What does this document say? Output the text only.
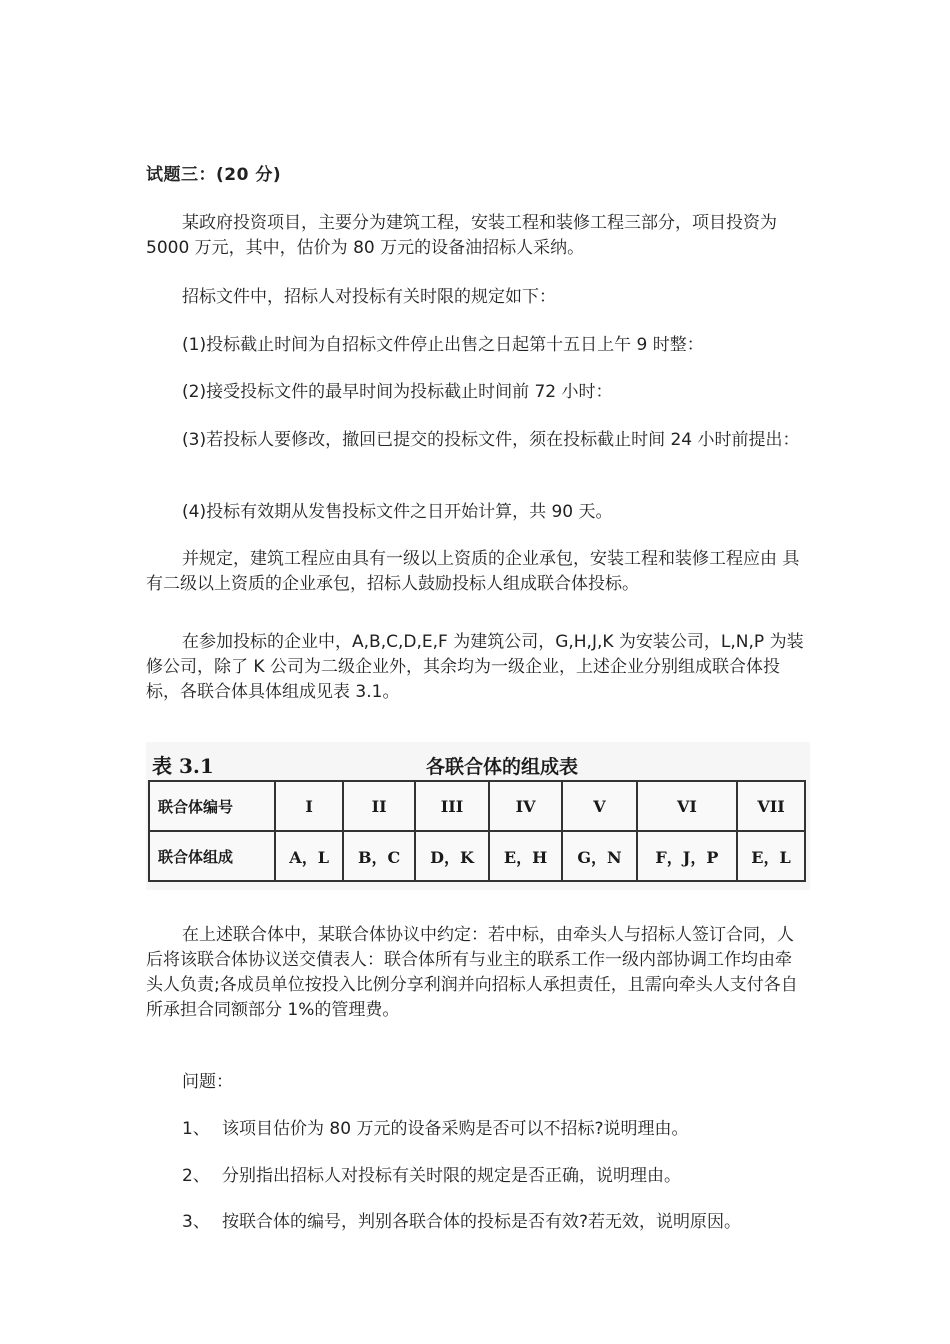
试题三：(20 分)
某政府投资项目，主要分为建筑工程，安装工程和装修工程三部分，项目投资为 5000 万元，其中，估价为 80 万元的设备油招标人采纳。
招标文件中，招标人对投标有关时限的规定如下：
(1)投标截止时间为自招标文件停止出售之日起第十五日上午 9 时整：
(2)接受投标文件的最早时间为投标截止时间前 72 小时：
(3)若投标人要修改，撤回已提交的投标文件，须在投标截止时间 24 小时前提出：
(4)投标有效期从发售投标文件之日开始计算，共 90 天。
并规定，建筑工程应由具有一级以上资质的企业承包，安装工程和装修工程应由 具有二级以上资质的企业承包，招标人鼓励投标人组成联合体投标。
在参加投标的企业中，A,B,C,D,E,F 为建筑公司，G,H,J,K 为安装公司，L,N,P 为装修公司，除了 K 公司为二级企业外，其余均为一级企业，上述企业分别组成联合体投标，各联合体具体组成见表 3.1。
表 3.1	各联合体的组成表
联合体编号	I	II	III	IV	V	VI	VII
联合体组成	A，L	B，C	D，K	E，H	G，N	F，J，P	E，L
在上述联合体中，某联合体协议中约定：若中标，由牵头人与招标人签订合同，人后将该联合体协议送交債表人：联合体所有与业主的联系工作一级内部协调工作均由牵头人负责;各成员单位按投入比例分享利润并向招标人承担责任，且需向牵头人支付各自所承担合同额部分 1%的管理费。
问题：
1、 该项目估价为 80 万元的设备采购是否可以不招标?说明理由。
2、 分别指出招标人对投标有关时限的规定是否正确，说明理由。
3、 按联合体的编号，判别各联合体的投标是否有效?若无效，说明原因。
